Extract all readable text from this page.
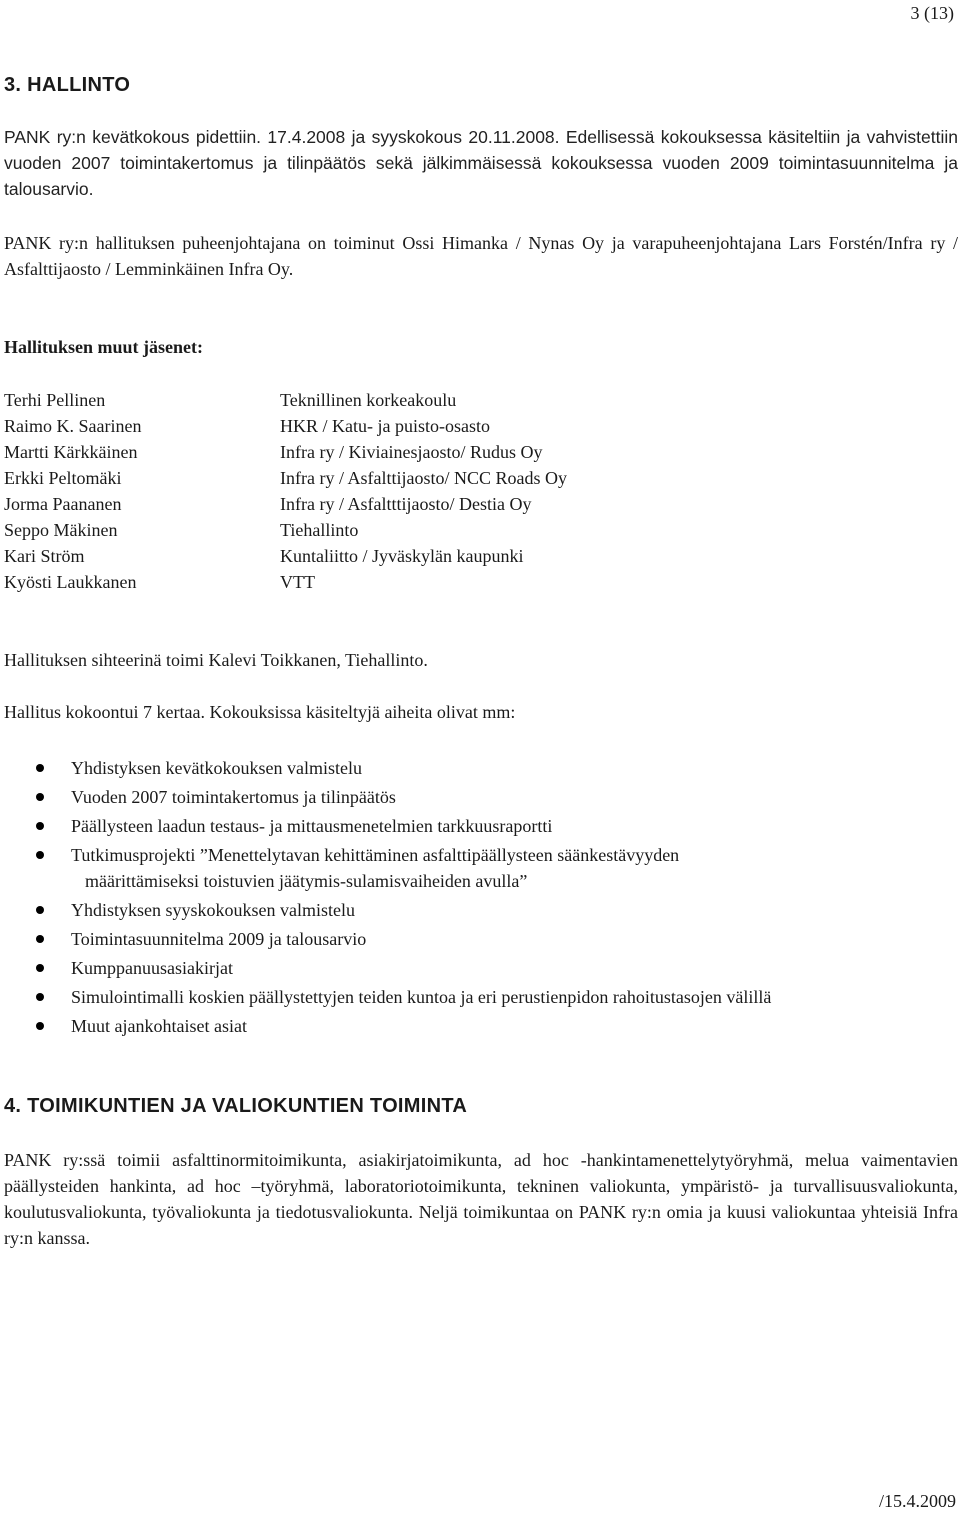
3 (13)
3. HALLINTO
PANK ry:n kevätkokous pidettiin. 17.4.2008 ja syyskokous 20.11.2008. Edellisessä kokouksessa käsiteltiin ja vahvistettiin vuoden 2007 toimintakertomus ja tilinpäätös sekä jälkimmäisessä kokouksessa vuoden 2009 toimintasuunnitelma ja talousarvio.
PANK ry:n hallituksen puheenjohtajana on toiminut Ossi Himanka / Nynas Oy ja varapuheenjohtajana Lars Forstén/Infra ry / Asfalttijaosto / Lemminkäinen Infra Oy.
Hallituksen muut jäsenet:
Terhi Pellinen	Teknillinen korkeakoulu
Raimo K. Saarinen	HKR / Katu- ja puisto-osasto
Martti Kärkkäinen	Infra ry / Kiviainesjaosto/ Rudus Oy
Erkki Peltomäki	Infra ry / Asfalttijaosto/ NCC Roads Oy
Jorma Paananen	Infra ry / Asfaltttijaosto/ Destia Oy
Seppo Mäkinen	Tiehallinto
Kari Ström	Kuntaliitto / Jyväskylän kaupunki
Kyösti Laukkanen	VTT
Hallituksen sihteerinä toimi Kalevi Toikkanen, Tiehallinto.
Hallitus kokoontui 7 kertaa. Kokouksissa käsiteltyjä aiheita olivat mm:
Yhdistyksen kevätkokouksen valmistelu
Vuoden 2007 toimintakertomus ja tilinpäätös
Päällysteen laadun testaus- ja mittausmenetelmien tarkkuusraportti
Tutkimusprojekti ”Menettelytavan kehittäminen asfalttipäällysteen säänkestävyyden
määrittämiseksi toistuvien jäätymis-sulamisvaiheiden avulla”
Yhdistyksen syyskokouksen valmistelu
Toimintasuunnitelma 2009 ja talousarvio
Kumppanuusasiakirjat
Simulointimalli koskien päällystettyjen teiden kuntoa ja eri perustienpidon rahoitustasojen välillä
Muut ajankohtaiset asiat
4. TOIMIKUNTIEN JA VALIOKUNTIEN TOIMINTA
PANK ry:ssä toimii asfalttinormitoimikunta, asiakirjatoimikunta, ad hoc -hankintamenettelytyöryhmä, melua vaimentavien päällysteiden hankinta, ad hoc –työryhmä, laboratoriotoimikunta, tekninen valiokunta, ympäristö- ja turvallisuusvaliokunta, koulutusvaliokunta, työvaliokunta ja tiedotusvaliokunta. Neljä toimikuntaa on PANK ry:n omia ja kuusi valiokuntaa yhteisiä Infra ry:n kanssa.
/15.4.2009
